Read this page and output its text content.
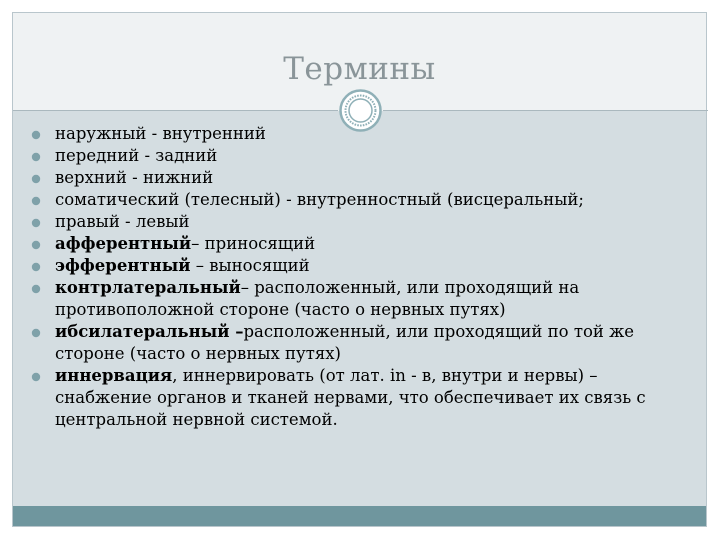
Термины
наружный - внутренний
передний - задний
верхний - нижний
соматический (телесный) - внутренностный (висцеральный;
правый - левый
афферентный– приносящий
эфферентный – выносящий
контрлатеральный– расположенный, или проходящий на противоположной стороне (часто о нервных путях)
ибсилатеральный –расположенный, или проходящий по той же стороне (часто о нервных путях)
иннервация, иннервировать (от лат. in - в, внутри и нервы) – снабжение органов и тканей нервами, что обеспечивает их связь с центральной нервной системой.
